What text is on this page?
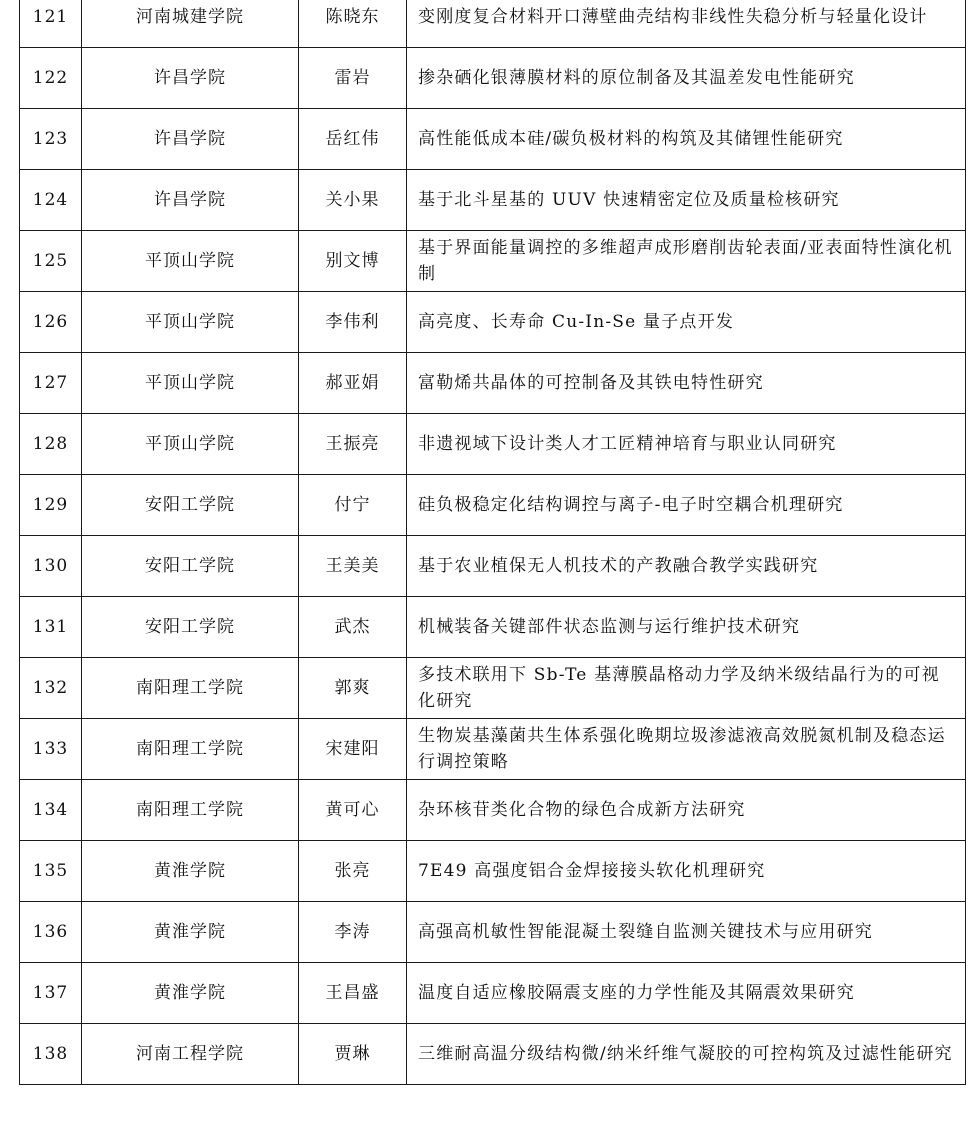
121	河南城建学院	陈晓东	变刚度复合材料开口薄壁曲壳结构非线性失稳分析与轻量化设计
122	许昌学院	雷岩	掺杂硒化银薄膜材料的原位制备及其温差发电性能研究
123	许昌学院	岳红伟	高性能低成本硅/碳负极材料的构筑及其储锂性能研究
124	许昌学院	关小果	基于北斗星基的 UUV 快速精密定位及质量检核研究
125	平顶山学院	别文博	基于界面能量调控的多维超声成形磨削齿轮表面/亚表面特性演化机制
126	平顶山学院	李伟利	高亮度、长寿命 Cu-In-Se 量子点开发
127	平顶山学院	郝亚娟	富勒烯共晶体的可控制备及其铁电特性研究
128	平顶山学院	王振亮	非遗视域下设计类人才工匠精神培育与职业认同研究
129	安阳工学院	付宁	硅负极稳定化结构调控与离子-电子时空耦合机理研究
130	安阳工学院	王美美	基于农业植保无人机技术的产教融合教学实践研究
131	安阳工学院	武杰	机械装备关键部件状态监测与运行维护技术研究
132	南阳理工学院	郭爽	多技术联用下 Sb-Te 基薄膜晶格动力学及纳米级结晶行为的可视化研究
133	南阳理工学院	宋建阳	生物炭基藻菌共生体系强化晚期垃圾渗滤液高效脱氮机制及稳态运行调控策略
134	南阳理工学院	黄可心	杂环核苷类化合物的绿色合成新方法研究
135	黄淮学院	张亮	7E49 高强度铝合金焊接接头软化机理研究
136	黄淮学院	李涛	高强高机敏性智能混凝土裂缝自监测关键技术与应用研究
137	黄淮学院	王昌盛	温度自适应橡胶隔震支座的力学性能及其隔震效果研究
138	河南工程学院	贾琳	三维耐高温分级结构微/纳米纤维气凝胶的可控构筑及过滤性能研究
